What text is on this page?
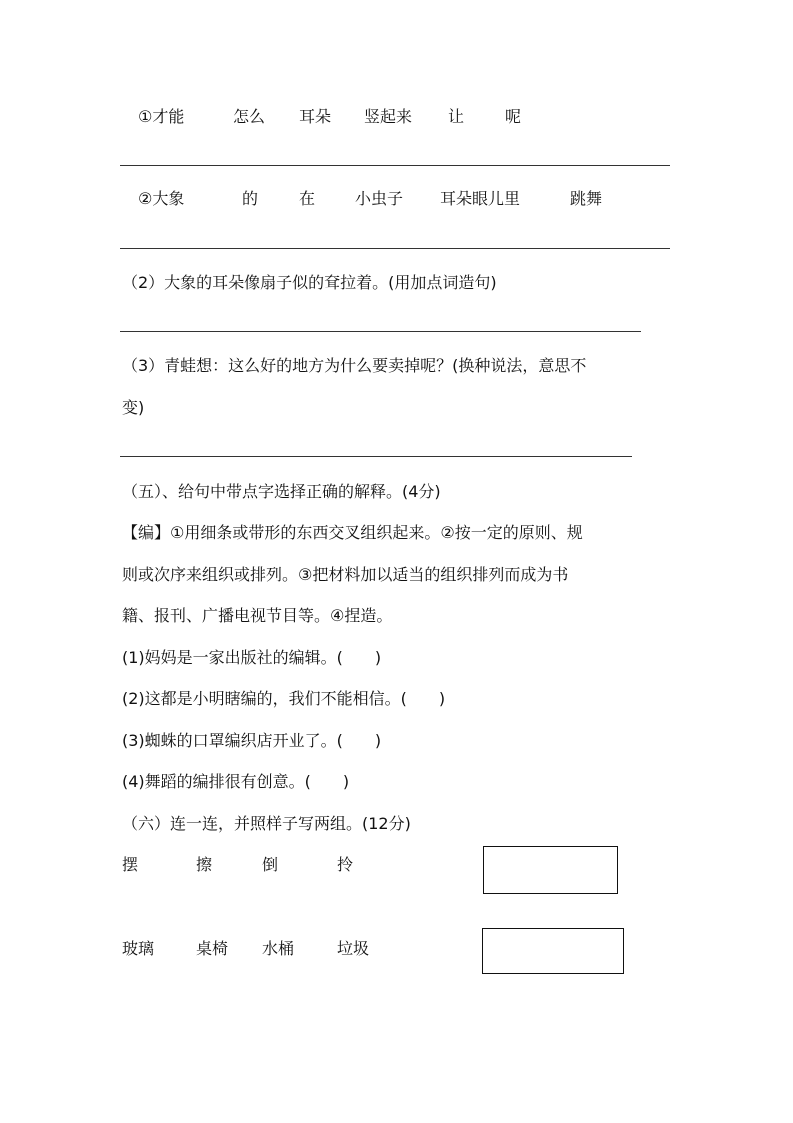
①才能	怎么 耳朵 竖起来 让	呢
②大象	的	在 小虫子 耳朵眼儿里	跳舞
（2）大象的耳朵像扇子似的耷拉着。(用加点词造句)
（3）青蛙想：这么好的地方为什么要卖掉呢？(换种说法，意思不
变)
（五）、给句中带点字选择正确的解释。(4分)
【编】①用细条或带形的东西交叉组织起来。②按一定的原则、规
则或次序来组织或排列。③把材料加以适当的组织排列而成为书
籍、报刊、广播电视节目等。④捏造。
(1)妈妈是一家出版社的编辑。(　　)
(2)这都是小明瞎编的，我们不能相信。(　　)
(3)蜘蛛的口罩编织店开业了。(　　)
(4)舞蹈的编排很有创意。(　　)
（六）连一连，并照样子写两组。(12分)
摆	擦	倒	拎
玻璃	桌椅 水桶	垃圾
